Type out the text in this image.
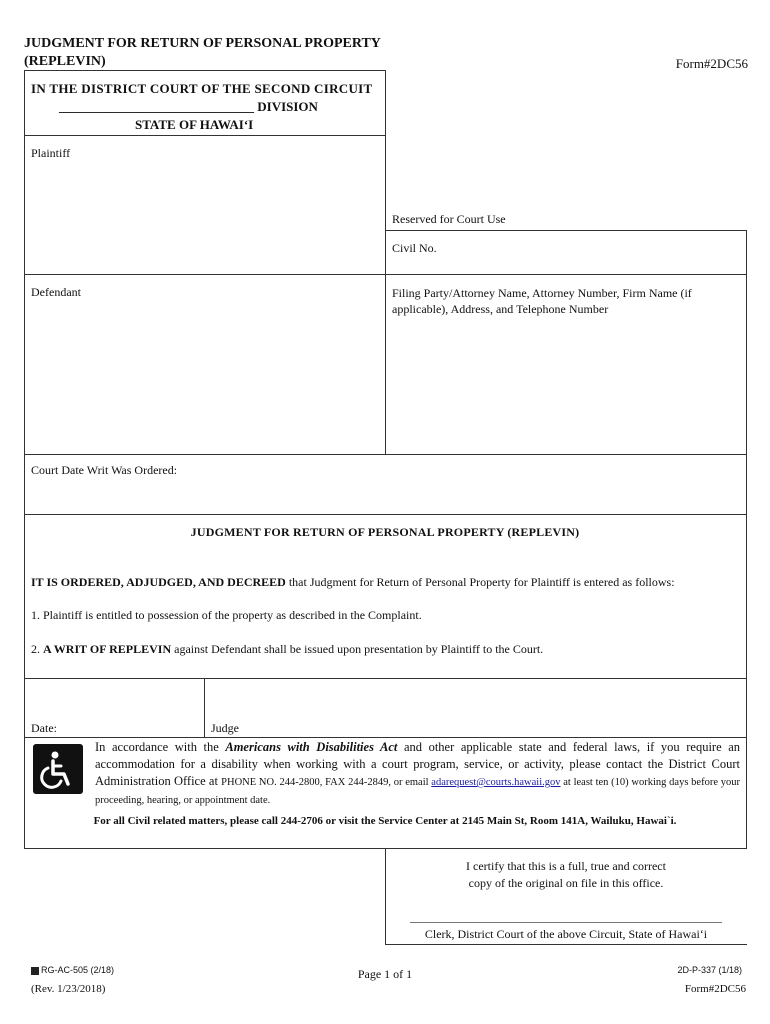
JUDGMENT FOR RETURN OF PERSONAL PROPERTY
(REPLEVIN)	Form#2DC56
IN THE DISTRICT COURT OF THE SECOND CIRCUIT
______________________________ DIVISION
STATE OF HAWAI‘I
Plaintiff
Reserved for Court Use
Civil No.
Defendant	Filing Party/Attorney Name, Attorney Number, Firm Name (if applicable), Address, and Telephone Number
Court Date Writ Was Ordered:
JUDGMENT FOR RETURN OF PERSONAL PROPERTY (REPLEVIN)
IT IS ORDERED, ADJUDGED, AND DECREED that Judgment for Return of Personal Property for Plaintiff is entered as follows:
1. Plaintiff is entitled to possession of the property as described in the Complaint.
2. A WRIT OF REPLEVIN against Defendant shall be issued upon presentation by Plaintiff to the Court.
Date:	Judge
In accordance with the Americans with Disabilities Act and other applicable state and federal laws, if you require an accommodation for a disability when working with a court program, service, or activity, please contact the District Court Administration Office at PHONE NO. 244-2800, FAX 244-2849, or email adarequest@courts.hawaii.gov at least ten (10) working days before your proceeding, hearing, or appointment date.
For all Civil related matters, please call 244-2706 or visit the Service Center at 2145 Main St, Room 141A, Wailuku, Hawai`i.
I certify that this is a full, true and correct
copy of the original on file in this office.
Clerk, District Court of the above Circuit, State of Hawai‘i
RG-AC-505 (2/18)
(Rev. 1/23/2018)
Page 1 of 1	2D-P-337 (1/18)
Form#2DC56
